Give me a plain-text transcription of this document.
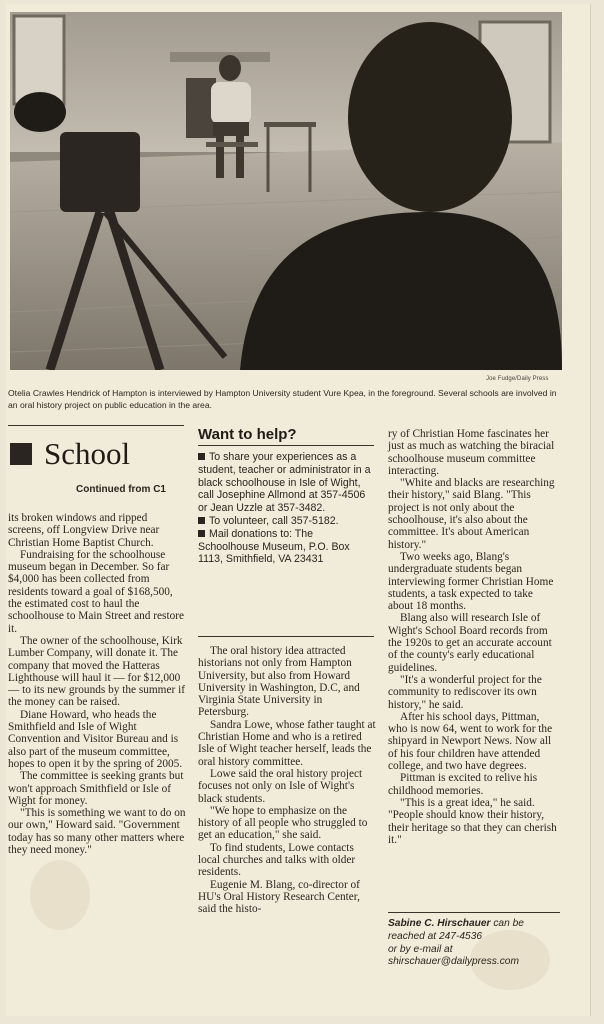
Joe Fudge/Daily Press
Otelia Crawles Hendrick of Hampton is interviewed by Hampton University student Vure Kpea, in the foreground. Several schools are involved in an oral history project on public education in the area.
School
Continued from C1

its broken windows and ripped screens, off Longview Drive near Christian Home Baptist Church.

Fundraising for the schoolhouse museum began in December. So far $4,000 has been collected from residents toward a goal of $168,500, the estimated cost to haul the schoolhouse to Main Street and restore it.

The owner of the schoolhouse, Kirk Lumber Company, will donate it. The company that moved the Hatteras Lighthouse will haul it — for $12,000 — to its new grounds by the summer if the money can be raised.

Diane Howard, who heads the Smithfield and Isle of Wight Convention and Visitor Bureau and is also part of the museum committee, hopes to open it by the spring of 2005.

The committee is seeking grants but won't approach Smithfield or Isle of Wight for money.

"This is something we want to do on our own," Howard said. "Government today has so many other matters where they need money."

Want to help?
To share your experiences as a student, teacher or administrator in a black schoolhouse in Isle of Wight, call Josephine Allmond at 357-4506 or Jean Uzzle at 357-3482.
To volunteer, call 357-5182.
Mail donations to: The Schoolhouse Museum, P.O. Box 1113, Smithfield, VA 23431

The oral history idea attracted historians not only from Hampton University, but also from Howard University in Washington, D.C, and Virginia State University in Petersburg.

Sandra Lowe, whose father taught at Christian Home and who is a retired Isle of Wight teacher herself, leads the oral history committee.

Lowe said the oral history project focuses not only on Isle of Wight's black students.

"We hope to emphasize on the history of all people who struggled to get an education," she said.

To find students, Lowe contacts local churches and talks with older residents.

Eugenie M. Blang, co-director of HU's Oral History Research Center, said the histo-

ry of Christian Home fascinates her just as much as watching the biracial schoolhouse museum committee interacting.

"White and blacks are researching their history," said Blang. "This project is not only about the schoolhouse, it's also about the committee. It's about American history."

Two weeks ago, Blang's undergraduate students began interviewing former Christian Home students, a task expected to take about 18 months.

Blang also will research Isle of Wight's School Board records from the 1920s to get an accurate account of the county's early educational guidelines.

"It's a wonderful project for the community to rediscover its own history," he said.

After his school days, Pittman, who is now 64, went to work for the shipyard in Newport News. Now all of his four children have attended college, and two have degrees.

Pittman is excited to relive his childhood memories.

"This is a great idea," he said. "People should know their history, their heritage so that they can cherish it."

Sabine C. Hirschauer can be reached at 247-4536
or by e-mail at
shirschauer@dailypress.com
